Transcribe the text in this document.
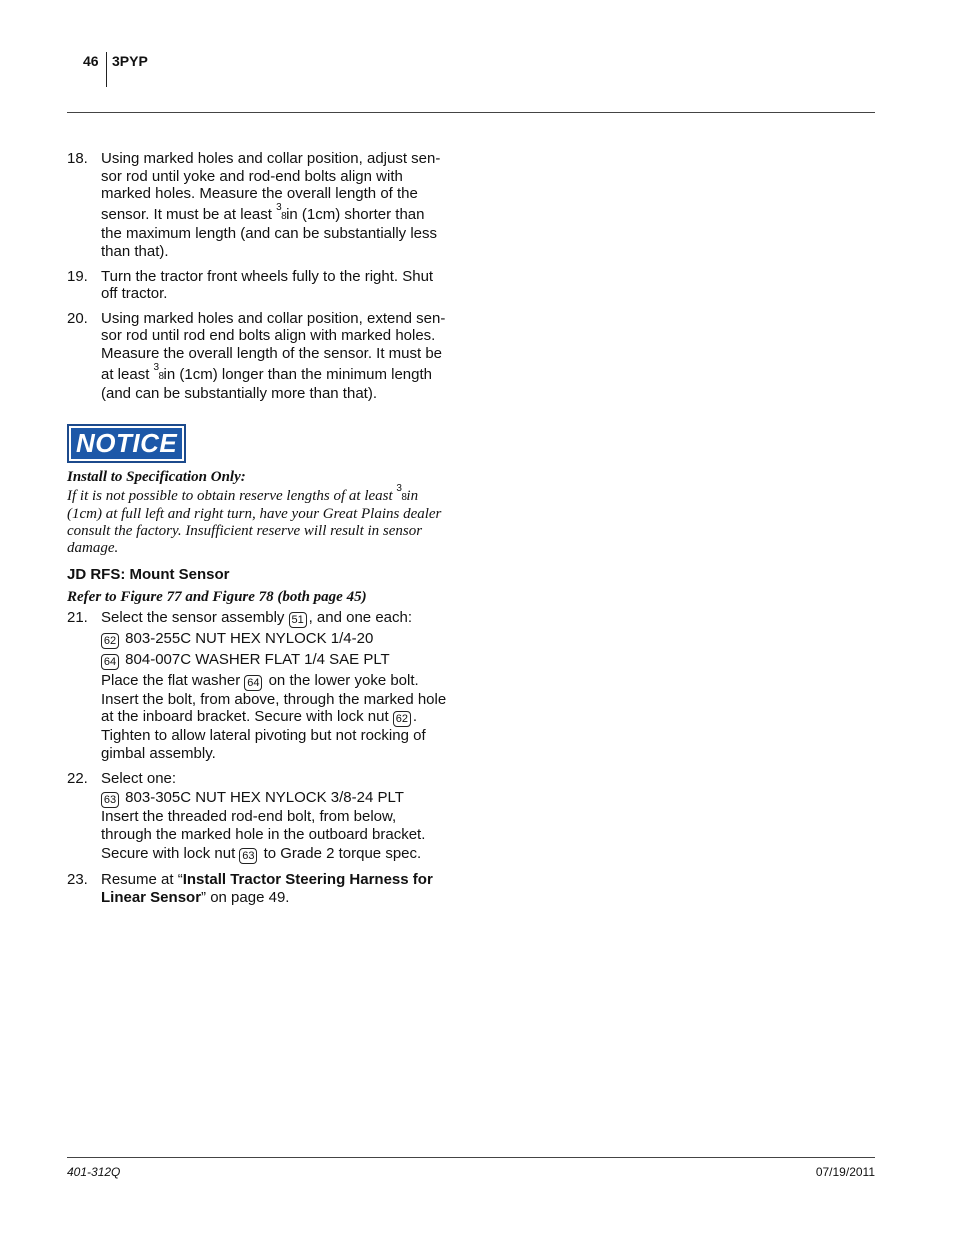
46 3PYP
18. Using marked holes and collar position, adjust sen-
sor rod until yoke and rod-end bolts align with
marked holes. Measure the overall length of the
sensor. It must be at least 3
8 in (1cm) shorter than
the maximum length (and can be substantially less
than that).
19. Turn the tractor front wheels fully to the right. Shut
off tractor.
20. Using marked holes and collar position, extend sen-
sor rod until rod end bolts align with marked holes.
Measure the overall length of the sensor. It must be
at least 3
8 in (1cm) longer than the minimum length
(and can be substantially more than that).
NOTICE
Install to Specification Only:
If it is not possible to obtain reserve lengths of at least 3
8 in
(1cm) at full left and right turn, have your Great Plains dealer
consult the factory. Insufficient reserve will result in sensor
damage.
JD RFS: Mount Sensor
Refer to Figure 77 and Figure 78 (both page 45)
21. Select the sensor assembly 51 , and one each:
62 803-255C NUT HEX NYLOCK 1/4-20
64 804-007C WASHER FLAT 1/4 SAE PLT
Place the flat washer 64 on the lower yoke bolt.
Insert the bolt, from above, through the marked hole
at the inboard bracket. Secure with lock nut 62 .
Tighten to allow lateral pivoting but not rocking of
gimbal assembly.
22. Select one:
63 803-305C NUT HEX NYLOCK 3/8-24 PLT
Insert the threaded rod-end bolt, from below,
through the marked hole in the outboard bracket.
Secure with lock nut 63 to Grade 2 torque spec.
23. Resume at “Install Tractor Steering Harness for
Linear Sensor” on page 49.
401-312Q	07/19/2011
